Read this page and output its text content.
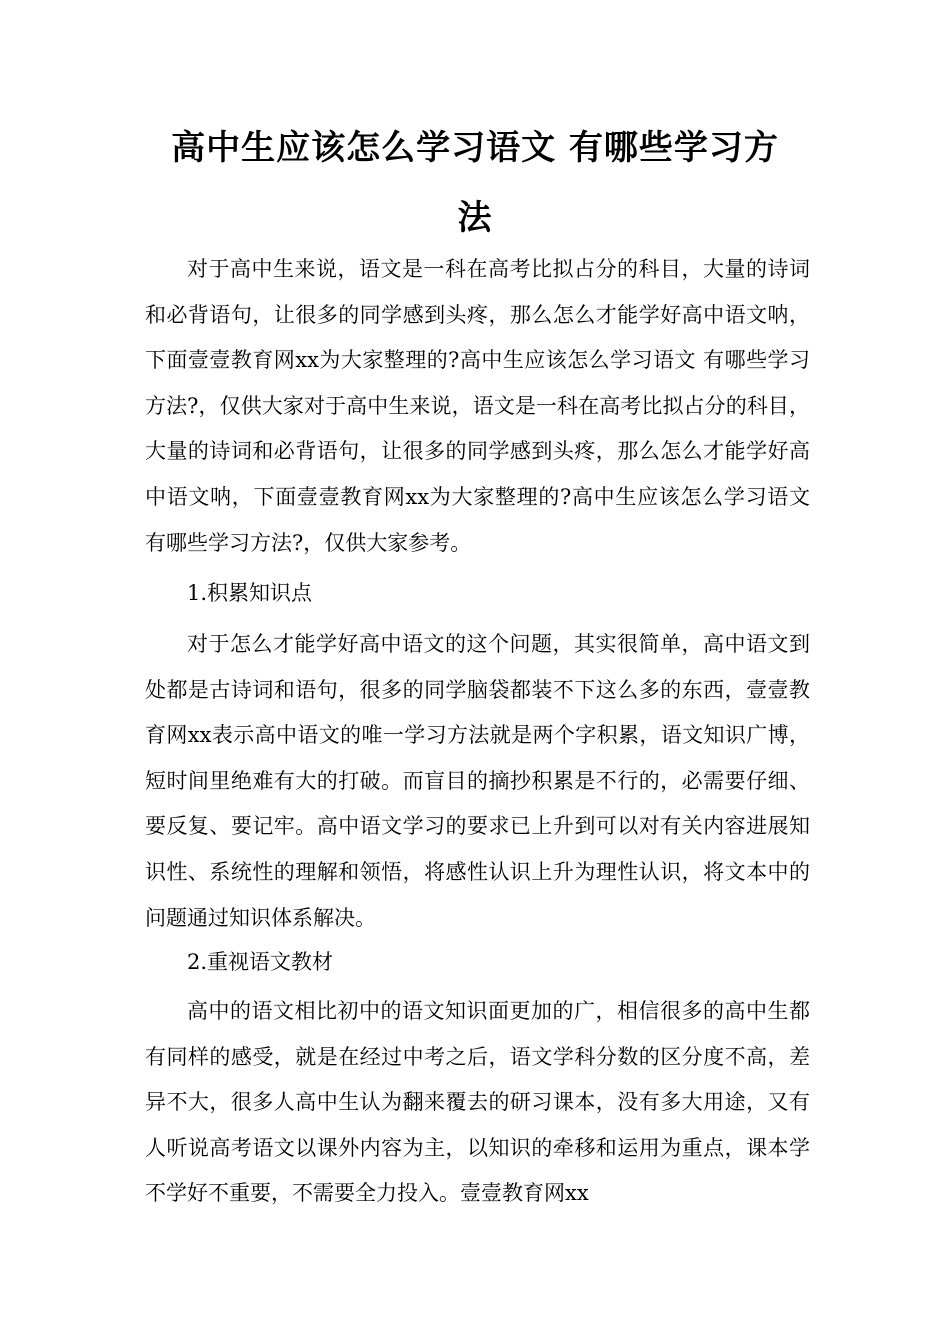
高中生应该怎么学习语文 有哪些学习方
法

对于高中生来说，语文是一科在高考比拟占分的科目，大量的诗词和必背语句，让很多的同学感到头疼，那么怎么才能学好高中语文呐，下面壹壹教育网xx为大家整理的?高中生应该怎么学习语文 有哪些学习方法?，仅供大家对于高中生来说，语文是一科在高考比拟占分的科目，大量的诗词和必背语句，让很多的同学感到头疼，那么怎么才能学好高中语文呐，下面壹壹教育网xx为大家整理的?高中生应该怎么学习语文 有哪些学习方法?，仅供大家参考。

1.积累知识点

对于怎么才能学好高中语文的这个问题，其实很简单，高中语文到处都是古诗词和语句，很多的同学脑袋都装不下这么多的东西，壹壹教育网xx表示高中语文的唯一学习方法就是两个字积累，语文知识广博，短时间里绝难有大的打破。而盲目的摘抄积累是不行的，必需要仔细、要反复、要记牢。高中语文学习的要求已上升到可以对有关内容进展知识性、系统性的理解和领悟，将感性认识上升为理性认识，将文本中的问题通过知识体系解决。

2.重视语文教材

高中的语文相比初中的语文知识面更加的广，相信很多的高中生都有同样的感受，就是在经过中考之后，语文学科分数的区分度不高，差异不大，很多人高中生认为翻来覆去的研习课本，没有多大用途，又有人听说高考语文以课外内容为主，以知识的牵移和运用为重点，课本学不学好不重要，不需要全力投入。壹壹教育网xx
